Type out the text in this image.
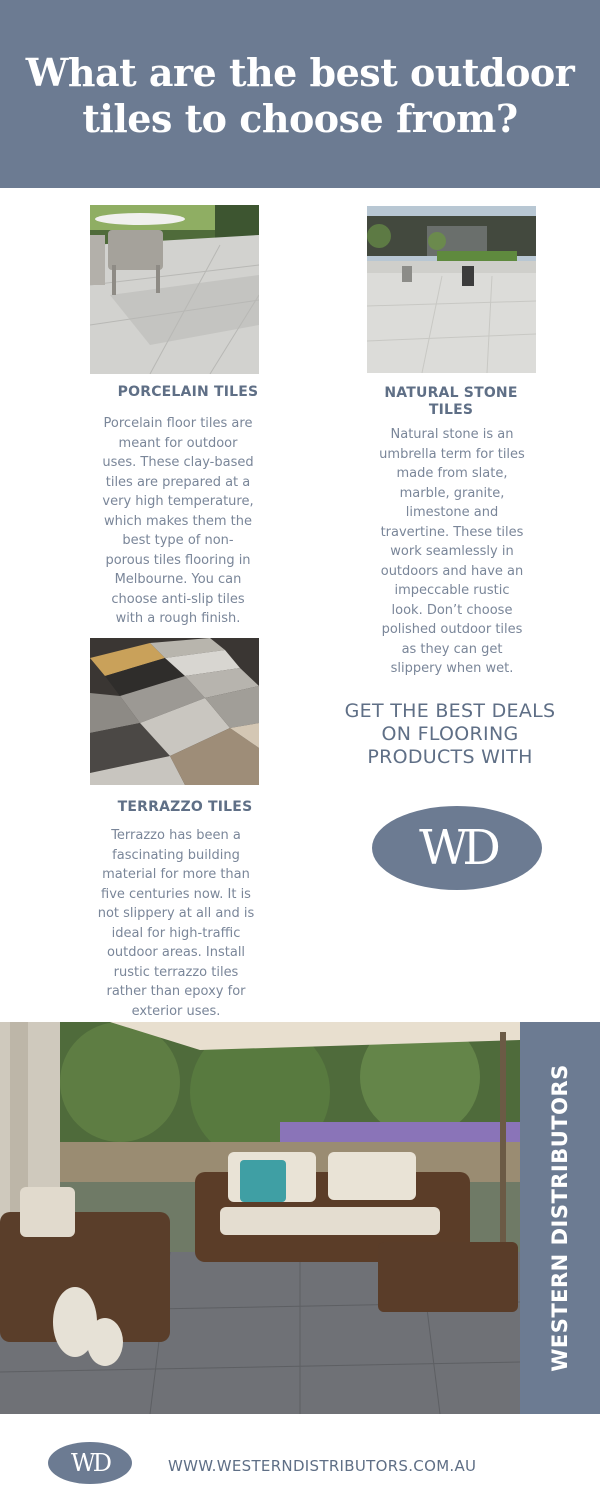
What are the best outdoor
tiles to choose from?
PORCELAIN TILES
Porcelain floor tiles are
meant for outdoor
uses. These clay-based
tiles are prepared at a
very high temperature,
which makes them the
best type of non-
porous tiles flooring in
Melbourne. You can
choose anti-slip tiles
with a rough finish.
NATURAL STONE
TILES
Natural stone is an
umbrella term for tiles
made from slate,
marble, granite,
limestone and
travertine. These tiles
work seamlessly in
outdoors and have an
impeccable rustic
look. Don’t choose
polished outdoor tiles
as they can get
slippery when wet.
TERRAZZO TILES
Terrazzo has been a
fascinating building
material for more than
five centuries now. It is
not slippery at all and is
ideal for high-traffic
outdoor areas. Install
rustic terrazzo tiles
rather than epoxy for
exterior uses.
GET THE BEST DEALS
ON FLOORING
PRODUCTS WITH
WD
WESTERN DISTRIBUTORS
WD	WWW.WESTERNDISTRIBUTORS.COM.AU
